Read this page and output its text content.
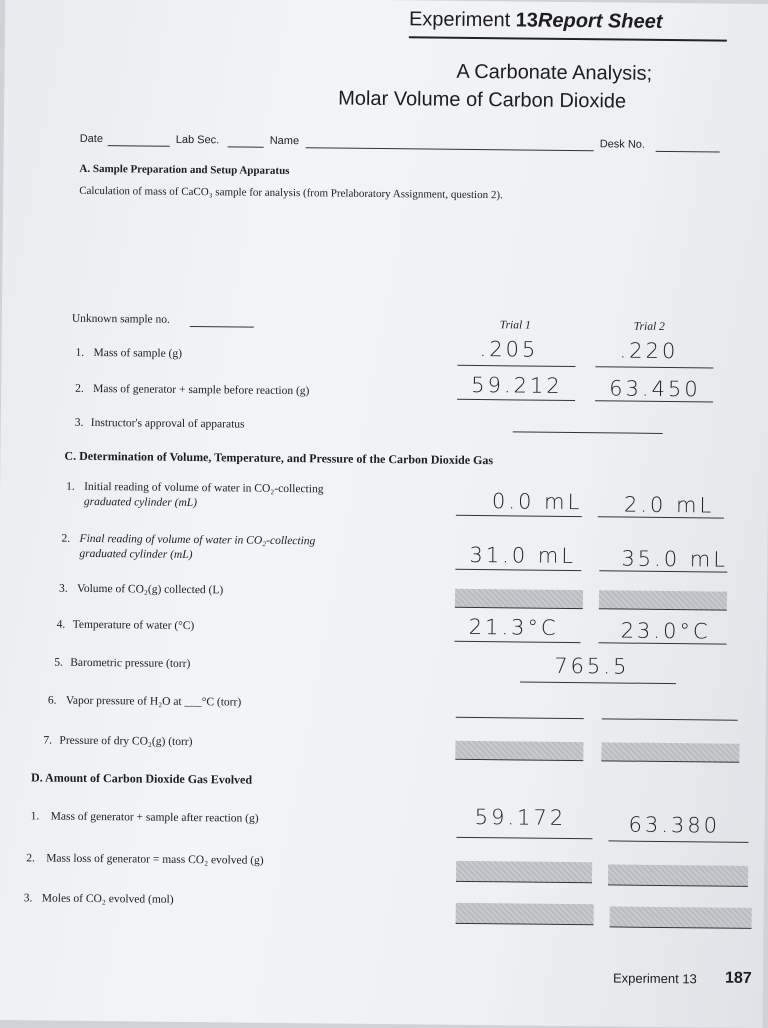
Experiment 13Report Sheet
A Carbonate Analysis;
Molar Volume of Carbon Dioxide
Date	Lab Sec.	Name	Desk No.
A. Sample Preparation and Setup Apparatus
Calculation of mass of CaCO₃ sample for analysis (from Prelaboratory Assignment, question 2).
Unknown sample no.	Trial 1	Trial 2
1. Mass of sample (g)	.205	.220
2. Mass of generator + sample before reaction (g)	59.212 63.450
3. Instructor's approval of apparatus
C. Determination of Volume, Temperature, and Pressure of the Carbon Dioxide Gas
1. Initial reading of volume of water in CO₂-collecting
graduated cylinder (mL)	0.0 mL 2.0 mL
2. Final reading of volume of water in CO₂-collecting
graduated cylinder (mL)	31.0 mL 35.0 mL
3. Volume of CO₂(g) collected (L)
4. Temperature of water (°C)	21.3°C	23.0°C
5. Barometric pressure (torr)	765.5
6. Vapor pressure of H₂O at ___°C (torr)
7. Pressure of dry CO₂(g) (torr)
D. Amount of Carbon Dioxide Gas Evolved
1. Mass of generator + sample after reaction (g)	59.172	63.380
2. Mass loss of generator = mass CO₂ evolved (g)
3. Moles of CO₂ evolved (mol)
Experiment 13 187
